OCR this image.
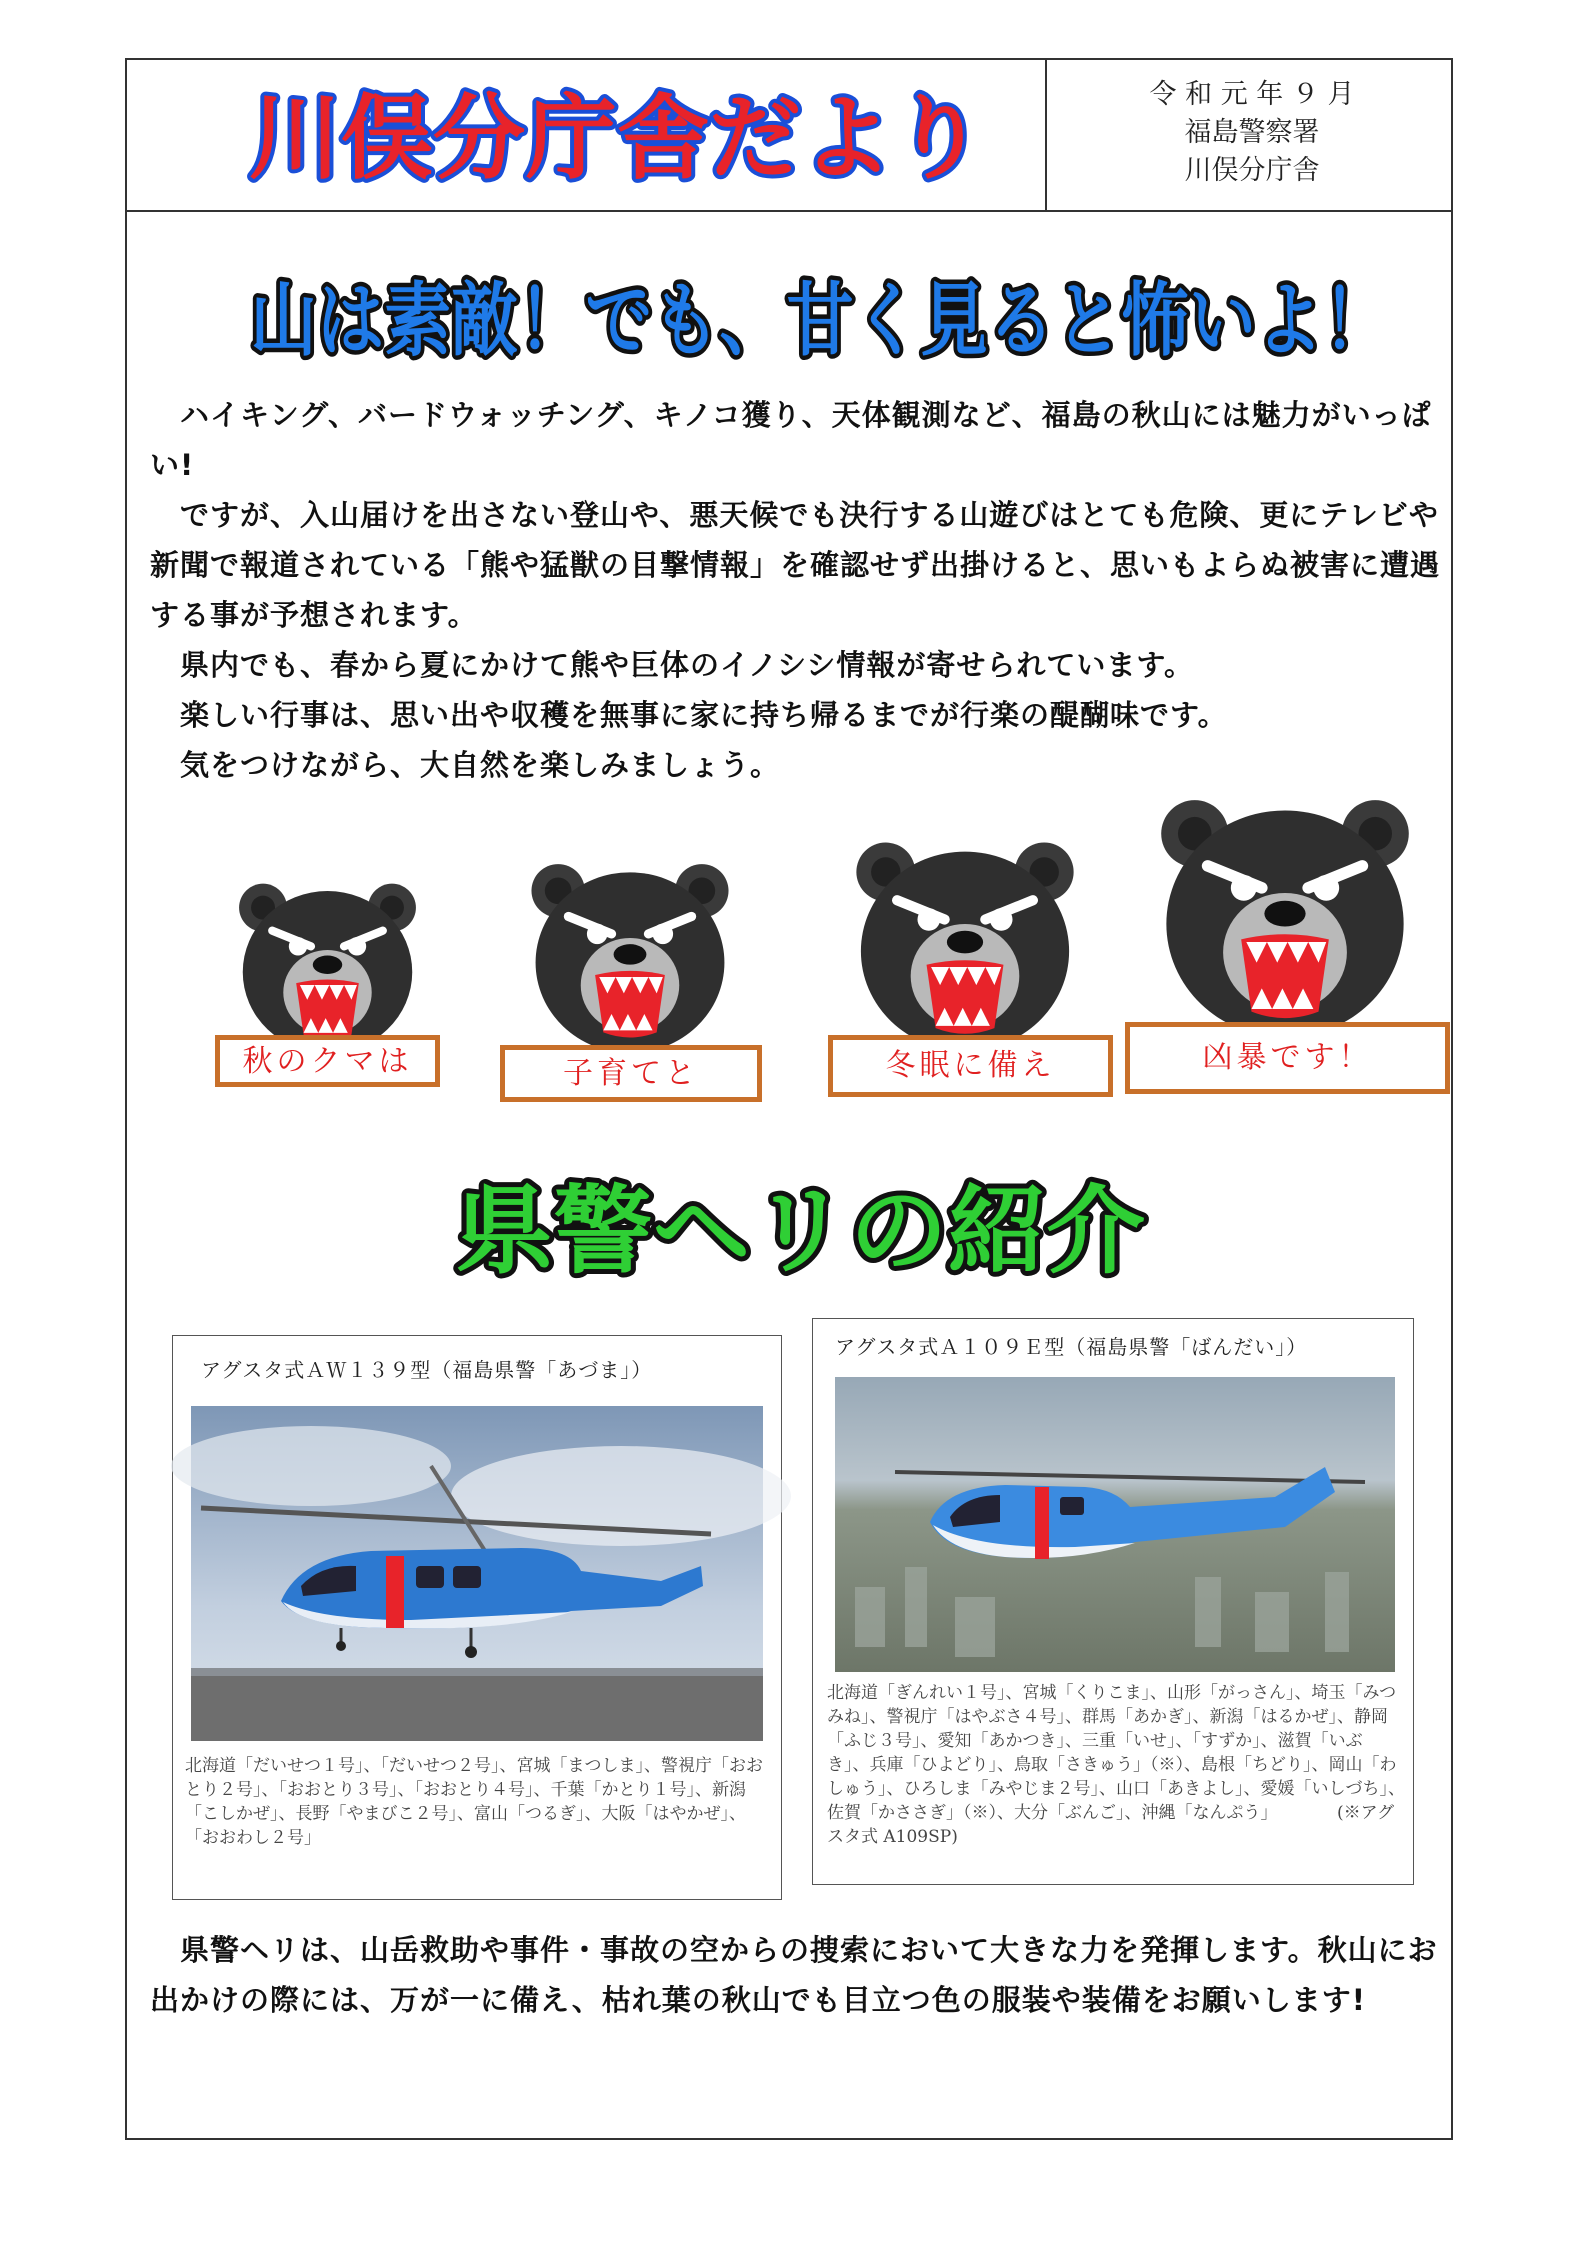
川俣分庁舎だより	令 和 元 年 ９ 月
福島警察署
川俣分庁舎
山は素敵！でも、甘く見ると怖いよ！

ハイキング、バードウォッチング、キノコ獲り、天体観測など、福島の秋山には魅力がいっぱい!

ですが、入山届けを出さない登山や、悪天候でも決行する山遊びはとても危険、更にテレビや新聞で報道されている「熊や猛獣の目撃情報」を確認せず出掛けると、思いもよらぬ被害に遭遇する事が予想されます。

県内でも、春から夏にかけて熊や巨体のイノシシ情報が寄せられています。

楽しい行事は、思い出や収穫を無事に家に持ち帰るまでが行楽の醍醐味です。

気をつけながら、大自然を楽しみましょう。

秋のクマは	子育てと	冬眠に備え	凶暴です！
県警ヘリの紹介
アグスタ式ＡＷ１３９型（福島県警「あづま」）
北海道「だいせつ１号」、「だいせつ２号」、宮城「まつしま」、警視庁「おおとり２号」、「おおとり３号」、「おおとり４号」、千葉「かとり１号」、新潟「こしかぜ」、長野「やまびこ２号」、富山「つるぎ」、大阪「はやかぜ」、「おおわし２号」
アグスタ式Ａ１０９Ｅ型（福島県警「ばんだい」）
北海道「ぎんれい１号」、宮城「くりこま」、山形「がっさん」、埼玉「みつみね」、警視庁「はやぶさ４号」、群馬「あかぎ」、新潟「はるかぜ」、静岡「ふじ３号」、愛知「あかつき」、三重「いせ」、「すずか」、滋賀「いぶき」、兵庫「ひよどり」、鳥取「さきゅう」（※）、島根「ちどり」、岡山「わしゅう」、ひろしま「みやじま２号」、山口「あきよし」、愛媛「いしづち」、佐賀「かささぎ」（※）、大分「ぶんご」、沖縄「なんぷう」　　　　(※アグスタ式 A109SP)

県警ヘリは、山岳救助や事件・事故の空からの捜索において大きな力を発揮します。秋山にお出かけの際には、万が一に備え、枯れ葉の秋山でも目立つ色の服装や装備をお願いします!
